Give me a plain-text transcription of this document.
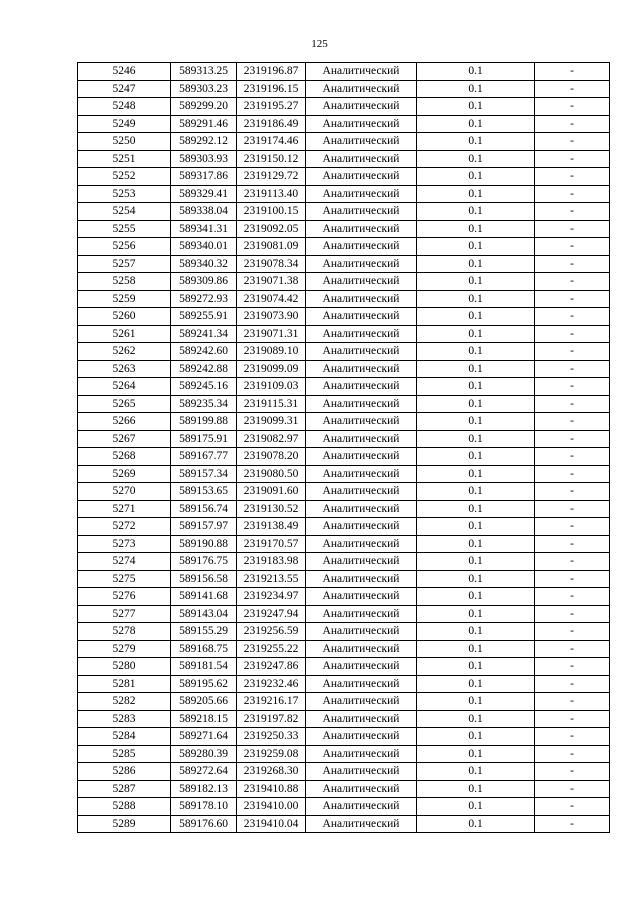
125
5246	589313.25	2319196.87	Аналитический	0.1	-
5247	589303.23	2319196.15	Аналитический	0.1	-
5248	589299.20	2319195.27	Аналитический	0.1	-
5249	589291.46	2319186.49	Аналитический	0.1	-
5250	589292.12	2319174.46	Аналитический	0.1	-
5251	589303.93	2319150.12	Аналитический	0.1	-
5252	589317.86	2319129.72	Аналитический	0.1	-
5253	589329.41	2319113.40	Аналитический	0.1	-
5254	589338.04	2319100.15	Аналитический	0.1	-
5255	589341.31	2319092.05	Аналитический	0.1	-
5256	589340.01	2319081.09	Аналитический	0.1	-
5257	589340.32	2319078.34	Аналитический	0.1	-
5258	589309.86	2319071.38	Аналитический	0.1	-
5259	589272.93	2319074.42	Аналитический	0.1	-
5260	589255.91	2319073.90	Аналитический	0.1	-
5261	589241.34	2319071.31	Аналитический	0.1	-
5262	589242.60	2319089.10	Аналитический	0.1	-
5263	589242.88	2319099.09	Аналитический	0.1	-
5264	589245.16	2319109.03	Аналитический	0.1	-
5265	589235.34	2319115.31	Аналитический	0.1	-
5266	589199.88	2319099.31	Аналитический	0.1	-
5267	589175.91	2319082.97	Аналитический	0.1	-
5268	589167.77	2319078.20	Аналитический	0.1	-
5269	589157.34	2319080.50	Аналитический	0.1	-
5270	589153.65	2319091.60	Аналитический	0.1	-
5271	589156.74	2319130.52	Аналитический	0.1	-
5272	589157.97	2319138.49	Аналитический	0.1	-
5273	589190.88	2319170.57	Аналитический	0.1	-
5274	589176.75	2319183.98	Аналитический	0.1	-
5275	589156.58	2319213.55	Аналитический	0.1	-
5276	589141.68	2319234.97	Аналитический	0.1	-
5277	589143.04	2319247.94	Аналитический	0.1	-
5278	589155.29	2319256.59	Аналитический	0.1	-
5279	589168.75	2319255.22	Аналитический	0.1	-
5280	589181.54	2319247.86	Аналитический	0.1	-
5281	589195.62	2319232.46	Аналитический	0.1	-
5282	589205.66	2319216.17	Аналитический	0.1	-
5283	589218.15	2319197.82	Аналитический	0.1	-
5284	589271.64	2319250.33	Аналитический	0.1	-
5285	589280.39	2319259.08	Аналитический	0.1	-
5286	589272.64	2319268.30	Аналитический	0.1	-
5287	589182.13	2319410.88	Аналитический	0.1	-
5288	589178.10	2319410.00	Аналитический	0.1	-
5289	589176.60	2319410.04	Аналитический	0.1	-
